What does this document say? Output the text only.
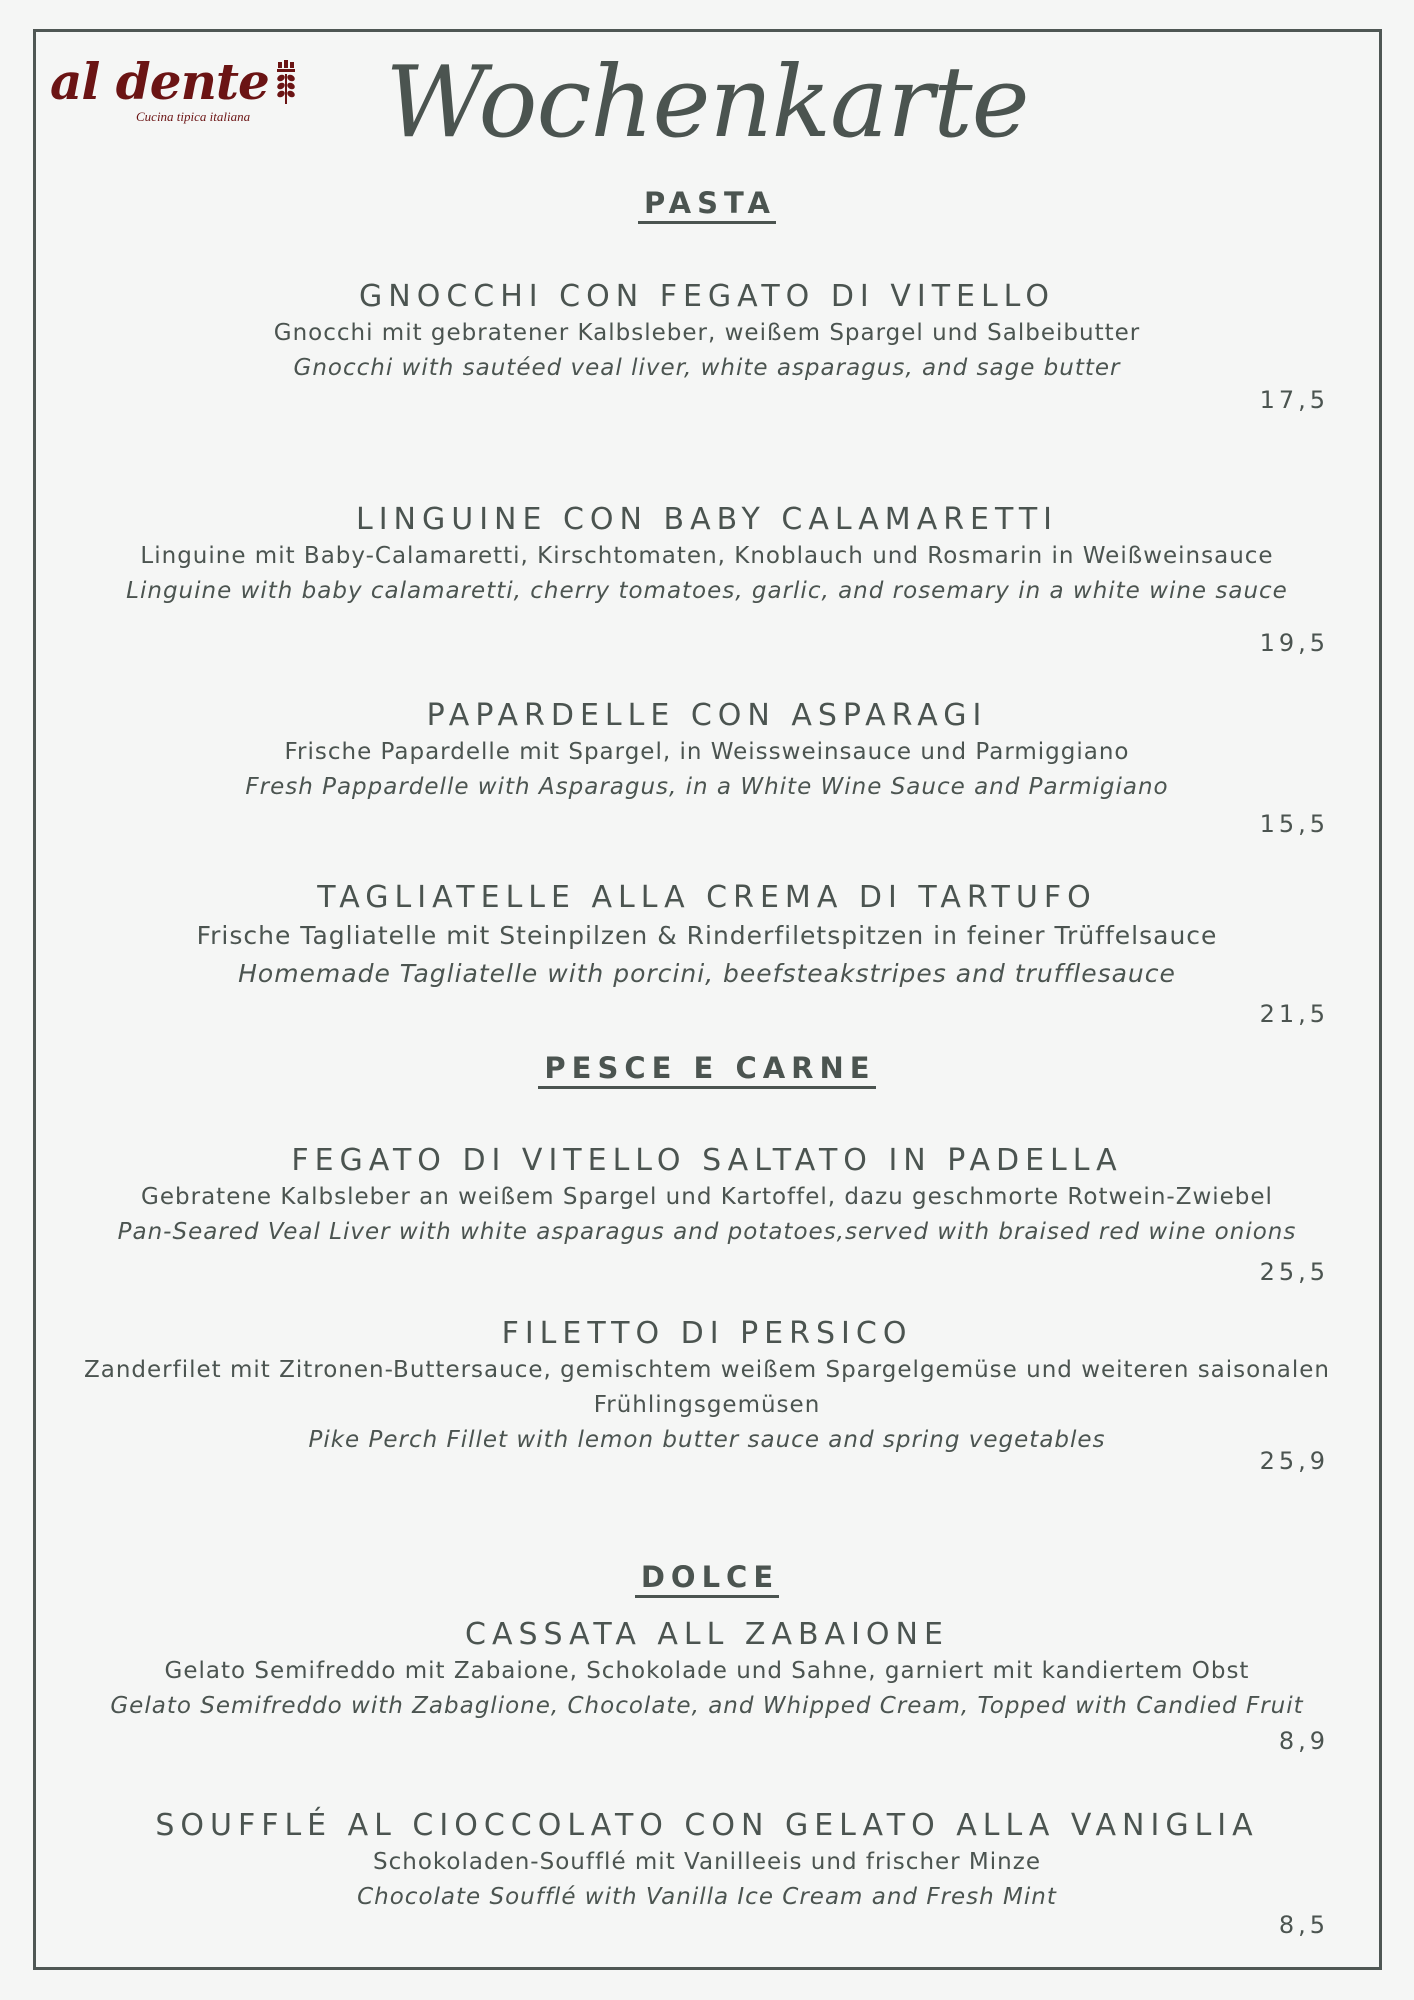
al dente
Cucina tipica italiana	Wochenkarte
PASTA
GNOCCHI CON FEGATO DI VITELLO
Gnocchi mit gebratener Kalbsleber, weißem Spargel und Salbeibutter
Gnocchi with sautéed veal liver, white asparagus, and sage butter
17,5
LINGUINE CON BABY CALAMARETTI
Linguine mit Baby-Calamaretti, Kirschtomaten, Knoblauch und Rosmarin in Weißweinsauce
Linguine with baby calamaretti, cherry tomatoes, garlic, and rosemary in a white wine sauce
19,5
PAPARDELLE CON ASPARAGI
Frische Papardelle mit Spargel, in Weissweinsauce und Parmiggiano
Fresh Pappardelle with Asparagus, in a White Wine Sauce and Parmigiano
15,5
TAGLIATELLE ALLA CREMA DI TARTUFO
Frische Tagliatelle mit Steinpilzen & Rinderfiletspitzen in feiner Trüffelsauce
Homemade Tagliatelle with porcini, beefsteakstripes and trufflesauce
21,5
PESCE E CARNE
FEGATO DI VITELLO SALTATO IN PADELLA
Gebratene Kalbsleber an weißem Spargel und Kartoffel, dazu geschmorte Rotwein-Zwiebel
Pan-Seared Veal Liver with white asparagus and potatoes,served with braised red wine onions
25,5
FILETTO DI PERSICO
Zanderfilet mit Zitronen-Buttersauce, gemischtem weißem Spargelgemüse und weiteren saisonalen Frühlingsgemüsen
Pike Perch Fillet with lemon butter sauce and spring vegetables
25,9
DOLCE
CASSATA ALL ZABAIONE
Gelato Semifreddo mit Zabaione, Schokolade und Sahne, garniert mit kandiertem Obst
Gelato Semifreddo with Zabaglione, Chocolate, and Whipped Cream, Topped with Candied Fruit
8,9
SOUFFLÉ AL CIOCCOLATO CON GELATO ALLA VANIGLIA
Schokoladen-Soufflé mit Vanilleeis und frischer Minze
Chocolate Soufflé with Vanilla Ice Cream and Fresh Mint
8,5
